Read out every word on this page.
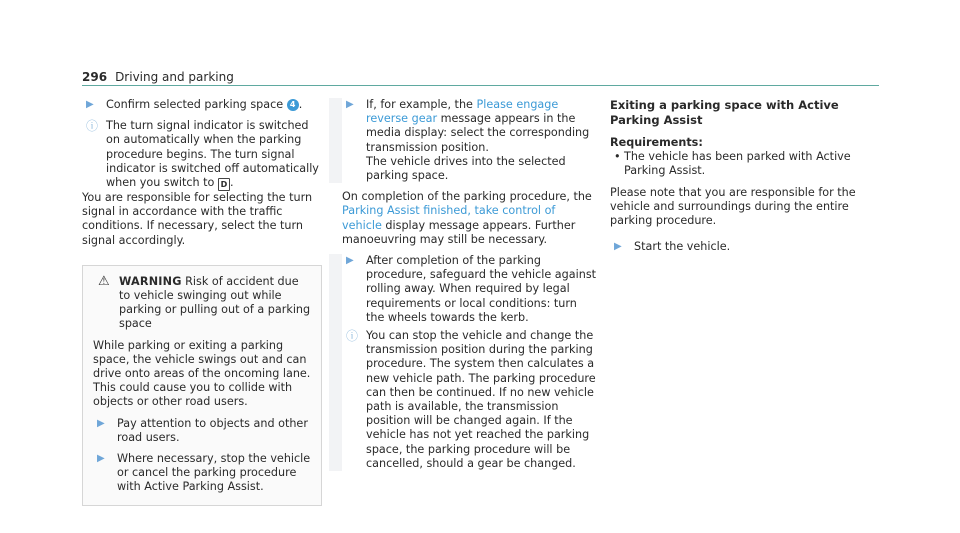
296 Driving and parking
▶ Confirm selected parking space 4 .
ⓘ The turn signal indicator is switched on automatically when the parking procedure begins. The turn signal indicator is switched off automatically when you switch to D .

You are responsible for selecting the turn signal in accordance with the traffic conditions. If necessary, select the turn signal accordingly.

⚠ WARNING Risk of accident due to vehicle swinging out while parking or pulling out of a parking space

While parking or exiting a parking space, the vehicle swings out and can drive onto areas of the oncoming lane.

This could cause you to collide with objects or other road users.

▶ Pay attention to objects and other road users.
▶ Where necessary, stop the vehicle or cancel the parking procedure with Active Parking Assist.
▶ If, for example, the Please engage reverse gear message appears in the media display: select the corresponding transmission position.
The vehicle drives into the selected parking space.

On completion of the parking procedure, the Parking Assist finished, take control of vehicle display message appears. Further manoeuvring may still be necessary.

▶ After completion of the parking procedure, safeguard the vehicle against rolling away. When required by legal requirements or local conditions: turn the wheels towards the kerb.
ⓘ You can stop the vehicle and change the transmission position during the parking procedure. The system then calculates a new vehicle path. The parking procedure can then be continued. If no new vehicle path is available, the transmission position will be changed again. If the vehicle has not yet reached the parking space, the parking procedure will be cancelled, should a gear be changed.
Exiting a parking space with Active Parking Assist
Requirements:
• The vehicle has been parked with Active Parking Assist.

Please note that you are responsible for the vehicle and surroundings during the entire parking procedure.

▶ Start the vehicle.
